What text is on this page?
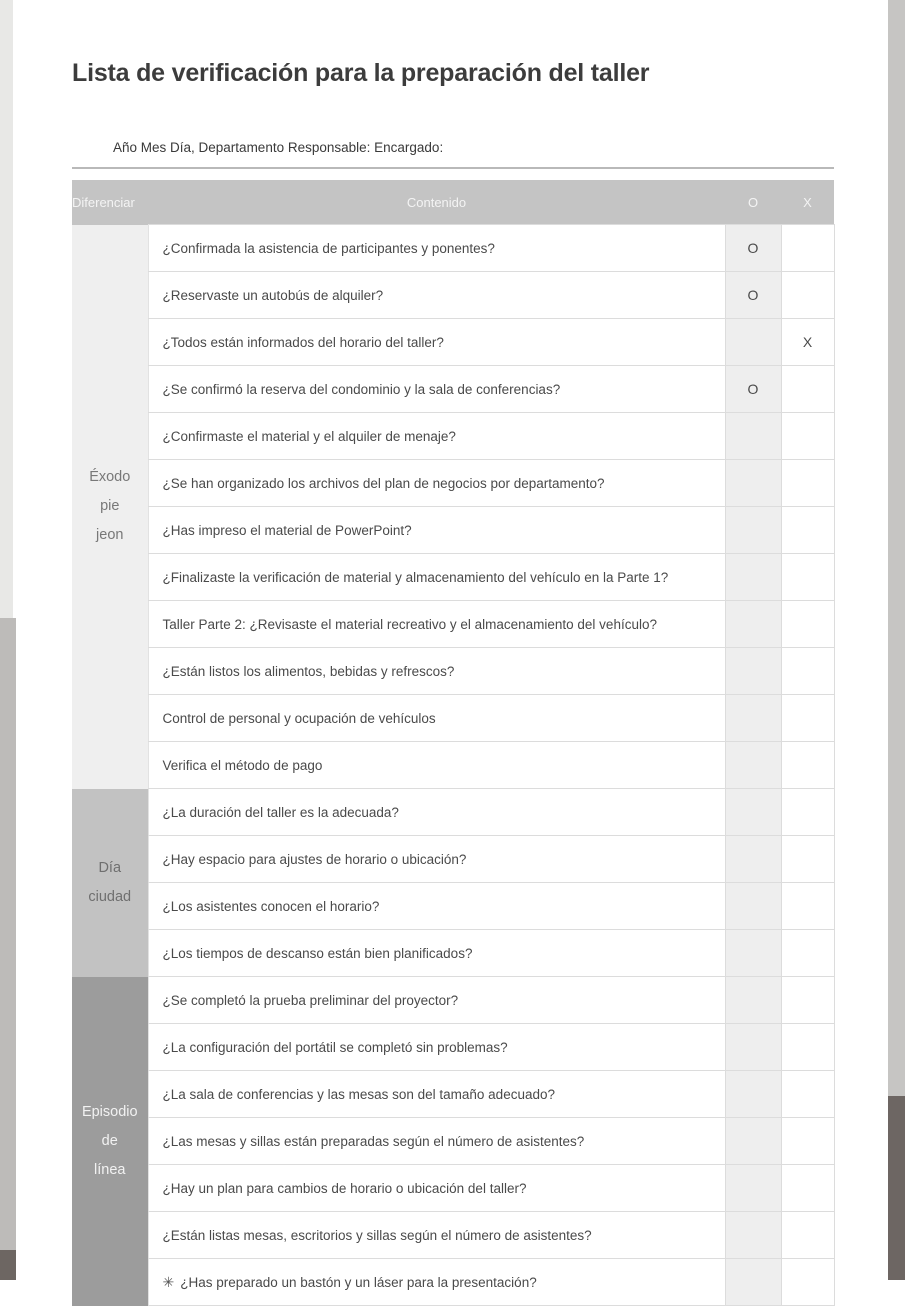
Lista de verificación para la preparación del taller
Año Mes Día, Departamento Responsable: Encargado:
Diferenciar	Contenido	O	X
Éxodo
pie
jeon	¿Confirmada la asistencia de participantes y ponentes?	O	
	¿Reservaste un autobús de alquiler?	O	
	¿Todos están informados del horario del taller?		X
	¿Se confirmó la reserva del condominio y la sala de conferencias?	O	
	¿Confirmaste el material y el alquiler de menaje?		
	¿Se han organizado los archivos del plan de negocios por departamento?		
	¿Has impreso el material de PowerPoint?		
	¿Finalizaste la verificación de material y almacenamiento del vehículo en la Parte 1?		
	Taller Parte 2: ¿Revisaste el material recreativo y el almacenamiento del vehículo?		
	¿Están listos los alimentos, bebidas y refrescos?		
	Control de personal y ocupación de vehículos		
	Verifica el método de pago		
Día
ciudad	¿La duración del taller es la adecuada?		
	¿Hay espacio para ajustes de horario o ubicación?		
	¿Los asistentes conocen el horario?		
	¿Los tiempos de descanso están bien planificados?		
Episodio
de
línea	¿Se completó la prueba preliminar del proyector?		
	¿La configuración del portátil se completó sin problemas?		
	¿La sala de conferencias y las mesas son del tamaño adecuado?		
	¿Las mesas y sillas están preparadas según el número de asistentes?		
	¿Hay un plan para cambios de horario o ubicación del taller?		
	¿Están listas mesas, escritorios y sillas según el número de asistentes?		
	✳ ¿Has preparado un bastón y un láser para la presentación?		
